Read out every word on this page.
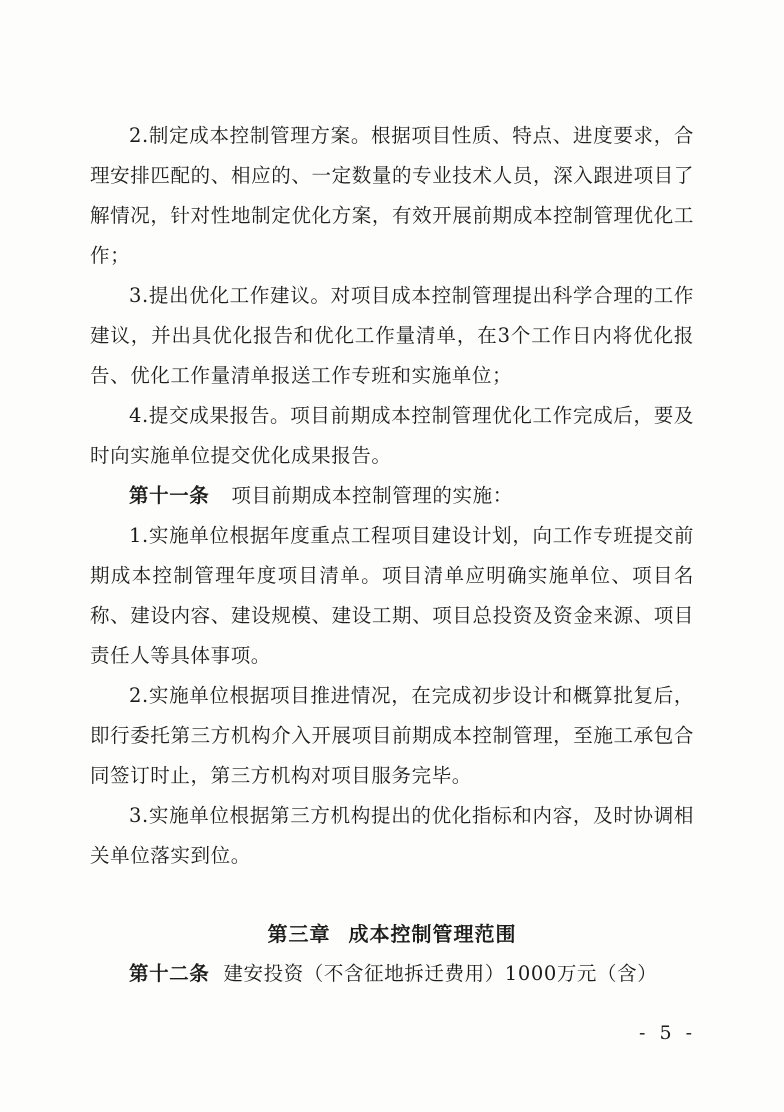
2.制定成本控制管理方案。根据项目性质、特点、进度要求，合理安排匹配的、相应的、一定数量的专业技术人员，深入跟进项目了解情况，针对性地制定优化方案，有效开展前期成本控制管理优化工作；

3.提出优化工作建议。对项目成本控制管理提出科学合理的工作建议，并出具优化报告和优化工作量清单，在3个工作日内将优化报告、优化工作量清单报送工作专班和实施单位；

4.提交成果报告。项目前期成本控制管理优化工作完成后，要及时向实施单位提交优化成果报告。

第十一条 项目前期成本控制管理的实施：

1.实施单位根据年度重点工程项目建设计划，向工作专班提交前期成本控制管理年度项目清单。项目清单应明确实施单位、项目名称、建设内容、建设规模、建设工期、项目总投资及资金来源、项目责任人等具体事项。

2.实施单位根据项目推进情况，在完成初步设计和概算批复后，即行委托第三方机构介入开展项目前期成本控制管理，至施工承包合同签订时止，第三方机构对项目服务完毕。

3.实施单位根据第三方机构提出的优化指标和内容，及时协调相关单位落实到位。

第三章 成本控制管理范围

第十二条 建安投资（不含征地拆迁费用）1000万元（含）

- 5 -
